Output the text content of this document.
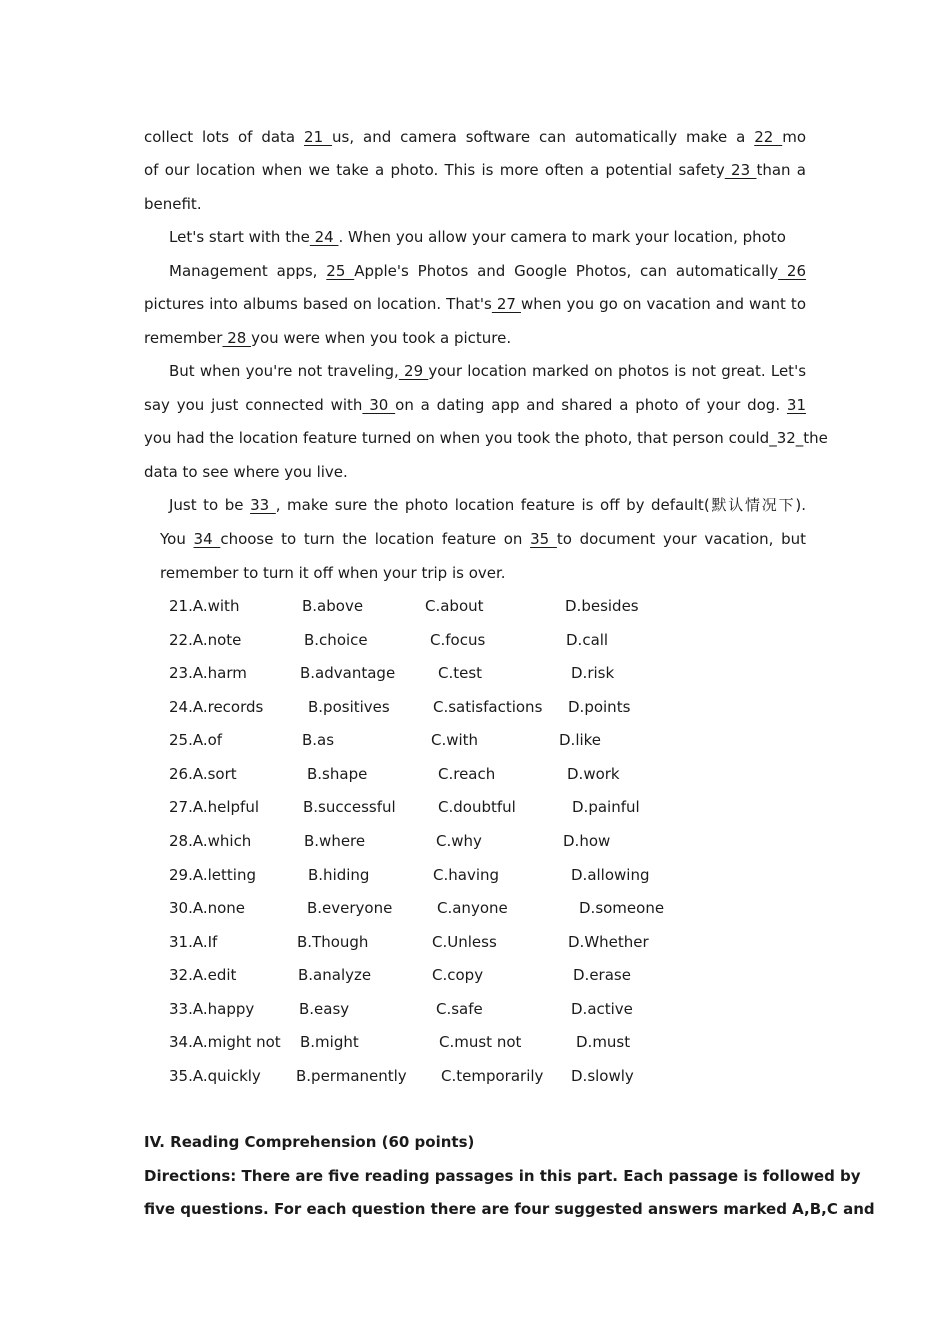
collect lots of data 21 us, and camera software can automatically make a 22 mo
of our location when we take a photo. This is more often a potential safety 23 than a
benefit.
Let's start with the 24 . When you allow your camera to mark your location, photo
Management apps, 25 Apple's Photos and Google Photos, can automatically 26
pictures into albums based on location. That's 27 when you go on vacation and want to
remember 28 you were when you took a picture.
But when you're not traveling, 29 your location marked on photos is not great. Let's
say you just connected with 30 on a dating app and shared a photo of your dog. 31
you had the location feature turned on when you took the photo, that person could_32_the
data to see where you live.
Just to be 33 , make sure the photo location feature is off by default(默认情况下).
You 34 choose to turn the location feature on 35 to document your vacation, but
remember to turn it off when your trip is over.
21.A.with	B.above	C.about	D.besides
22.A.note	B.choice	C.focus	D.call
23.A.harm	B.advantage	C.test	D.risk
24.A.records	B.positives	C.satisfactions D.points
25.A.of	B.as	C.with	D.like
26.A.sort	B.shape	C.reach	D.work
27.A.helpful	B.successful	C.doubtful	D.painful
28.A.which	B.where	C.why	D.how
29.A.letting	B.hiding	C.having	D.allowing
30.A.none	B.everyone	C.anyone	D.someone
31.A.If	B.Though	C.Unless	D.Whether
32.A.edit	B.analyze	C.copy	D.erase
33.A.happy	B.easy	C.safe	D.active
34.A.might not B.might	C.must not	D.must
35.A.quickly B.permanently C.temporarily D.slowly
IV. Reading Comprehension (60 points)
Directions: There are five reading passages in this part. Each passage is followed by
five questions. For each question there are four suggested answers marked A,B,C and
